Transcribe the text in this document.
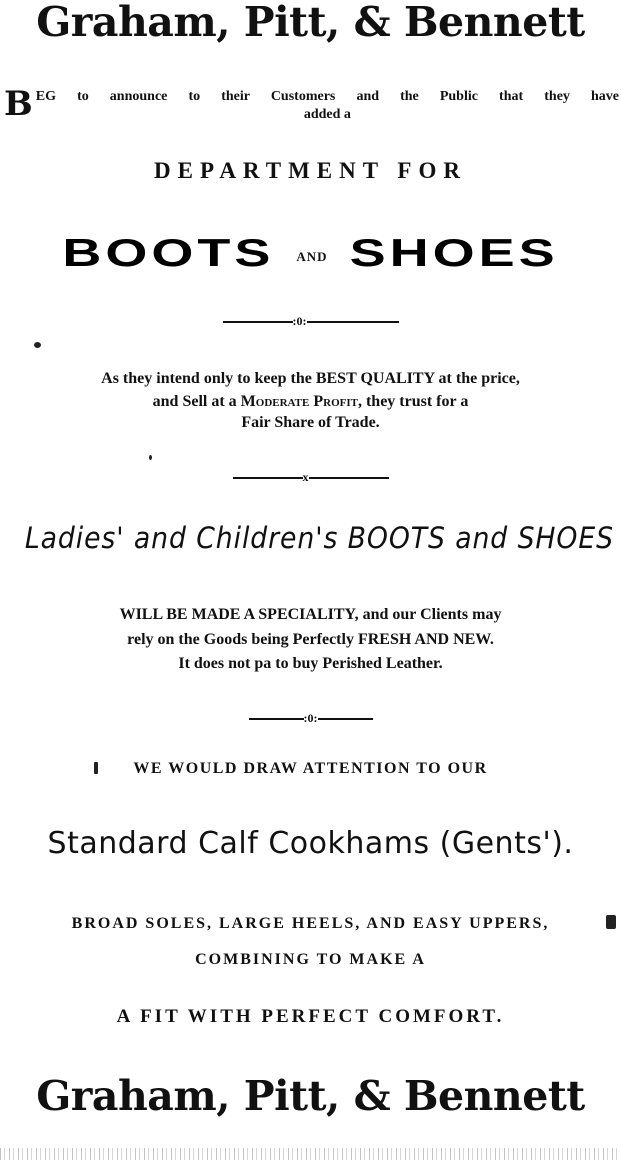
Graham, Pitt, & Bennett
B EG to announce to their Customers and the Public that they have
added a
DEPARTMENT FOR
BOOTS AND SHOES
:0:
As they intend only to keep the BEST QUALITY at the price,
and Sell at a Moderate Profit, they trust for a
Fair Share of Trade.
x
Ladies' and Children's BOOTS and SHOES
WILL BE MADE A SPECIALITY, and our Clients may
rely on the Goods being Perfectly FRESH AND NEW.
It does not pa to buy Perished Leather.
:0:
WE WOULD DRAW ATTENTION TO OUR
Standard Calf Cookhams (Gents').
BROAD SOLES, LARGE HEELS, AND EASY UPPERS,
COMBINING TO MAKE A
A FIT WITH PERFECT COMFORT.
Graham, Pitt, & Bennett
